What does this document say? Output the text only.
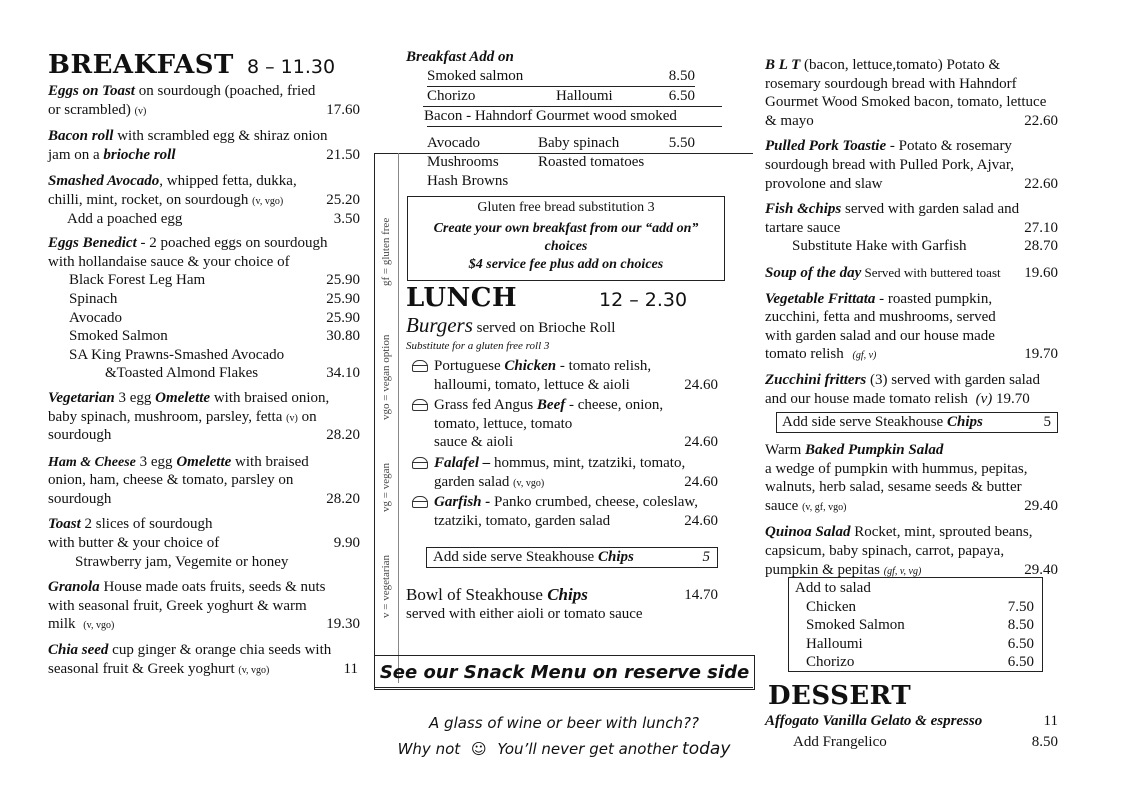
BREAKFAST 8 – 11.30
Eggs on Toast on sourdough (poached, fried
or scrambled) (v)	17.60
Bacon roll with scrambled egg & shiraz onion
jam on a brioche roll	21.50
Smashed Avocado, whipped fetta, dukka,
chilli, mint, rocket, on sourdough (v, vgo)	25.20
Add a poached egg	3.50
Eggs Benedict - 2 poached eggs on sourdough
with hollandaise sauce & your choice of
Black Forest Leg Ham	25.90
Spinach	25.90
Avocado	25.90
Smoked Salmon	30.80
SA King Prawns-Smashed Avocado
&Toasted Almond Flakes	34.10
Vegetarian 3 egg Omelette with braised onion,
baby spinach, mushroom, parsley, fetta (v) on
sourdough	28.20
Ham & Cheese 3 egg Omelette with braised
onion, ham, cheese & tomato, parsley on
sourdough	28.20
Toast 2 slices of sourdough
with butter & your choice of	9.90
Strawberry jam, Vegemite or honey
Granola House made oats fruits, seeds & nuts
with seasonal fruit, Greek yoghurt & warm
milk (v, vgo)	19.30
Chia seed cup ginger & orange chia seeds with
seasonal fruit & Greek yoghurt (v, vgo)	11
v = vegetarian
vg = vegan
vgo = vegan option
gf = gluten free
Breakfast Add on
Smoked salmon	8.50
Chorizo	Halloumi	6.50
Bacon - Hahndorf Gourmet wood smoked
Avocado	Baby spinach	5.50
Mushrooms	Roasted tomatoes
Hash Browns
Gluten free bread substitution 3
Create your own breakfast from our “add on”
choices
$4 service fee plus add on choices
LUNCH	12 – 2.30
Burgers served on Brioche Roll
Substitute for a gluten free roll 3
Portuguese Chicken - tomato relish,
halloumi, tomato, lettuce & aioli	24.60
Grass fed Angus Beef - cheese, onion,
tomato, lettuce, tomato
sauce & aioli	24.60
Falafel – hommus, mint, tzatziki, tomato,
garden salad (v, vgo)	24.60
Garfish - Panko crumbed, cheese, coleslaw,
tzatziki, tomato, garden salad	24.60
Add side serve Steakhouse Chips	5
Bowl of Steakhouse Chips	14.70
served with either aioli or tomato sauce
See our Snack Menu on reserve side
A glass of wine or beer with lunch??
Why not ☺ You’ll never get another today
B L T (bacon, lettuce,tomato) Potato &
rosemary sourdough bread with Hahndorf
Gourmet Wood Smoked bacon, tomato, lettuce
& mayo	22.60
Pulled Pork Toastie - Potato & rosemary
sourdough bread with Pulled Pork, Ajvar,
provolone and slaw	22.60
Fish &chips served with garden salad and
tartare sauce	27.10
Substitute Hake with Garfish	28.70
Soup of the day Served with buttered toast 19.60
Vegetable Frittata - roasted pumpkin,
zucchini, fetta and mushrooms, served
with garden salad and our house made
tomato relish (gf, v)	19.70
Zucchini fritters (3) served with garden salad
and our house made tomato relish (v) 19.70
Add side serve Steakhouse Chips	5
Warm Baked Pumpkin Salad
a wedge of pumpkin with hummus, pepitas,
walnuts, herb salad, sesame seeds & butter
sauce (v, gf, vgo)	29.40
Quinoa Salad Rocket, mint, sprouted beans,
capsicum, baby spinach, carrot, papaya,
pumpkin & pepitas (gf, v, vg)	29.40
Add to salad
Chicken	7.50
Smoked Salmon	8.50
Halloumi	6.50
Chorizo	6.50
DESSERT
Affogato Vanilla Gelato & espresso	11
Add Frangelico	8.50
